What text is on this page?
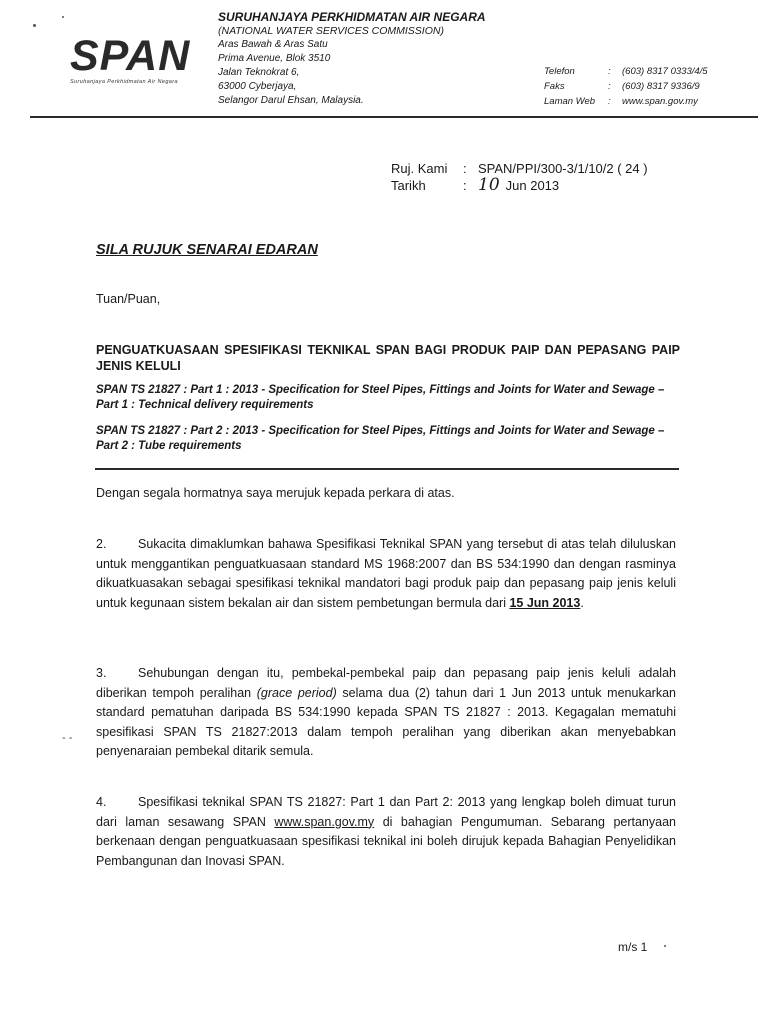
SPAN
Suruhanjaya Perkhidmatan Air Negara
SURUHANJAYA PERKHIDMATAN AIR NEGARA
(NATIONAL WATER SERVICES COMMISSION)
Aras Bawah & Aras Satu
Prima Avenue, Blok 3510
Jalan Teknokrat 6,
63000 Cyberjaya,
Selangor Darul Ehsan, Malaysia.
Telefon	:	(603) 8317 0333/4/5
Faks	:	(603) 8317 9336/9
Laman Web	:	www.span.gov.my
Ruj. Kami	: SPAN/PPI/300-3/1/10/2 ( 24 )
Tarikh	: 10 Jun 2013
SILA RUJUK SENARAI EDARAN
Tuan/Puan,
PENGUATKUASAAN SPESIFIKASI TEKNIKAL SPAN BAGI PRODUK PAIP DAN PEPASANG PAIP JENIS KELULI
SPAN TS 21827 : Part 1 : 2013 - Specification for Steel Pipes, Fittings and Joints for Water and Sewage – Part 1 : Technical delivery requirements
SPAN TS 21827 : Part 2 : 2013 - Specification for Steel Pipes, Fittings and Joints for Water and Sewage – Part 2 : Tube requirements
Dengan segala hormatnya saya merujuk kepada perkara di atas.
2.	Sukacita dimaklumkan bahawa Spesifikasi Teknikal SPAN yang tersebut di atas telah diluluskan untuk menggantikan penguatkuasaan standard MS 1968:2007 dan BS 534:1990 dan dengan rasminya dikuatkuasakan sebagai spesifikasi teknikal mandatori bagi produk paip dan pepasang paip jenis keluli untuk kegunaan sistem bekalan air dan sistem pembetungan bermula dari 15 Jun 2013.
3.	Sehubungan dengan itu, pembekal-pembekal paip dan pepasang paip jenis keluli adalah diberikan tempoh peralihan (grace period) selama dua (2) tahun dari 1 Jun 2013 untuk menukarkan standard pematuhan daripada BS 534:1990 kepada SPAN TS 21827 : 2013. Kegagalan mematuhi spesifikasi SPAN TS 21827:2013 dalam tempoh peralihan yang diberikan akan menyebabkan penyenaraian pembekal ditarik semula.
4.	Spesifikasi teknikal SPAN TS 21827: Part 1 dan Part 2: 2013 yang lengkap boleh dimuat turun dari laman sesawang SPAN www.span.gov.my di bahagian Pengumuman. Sebarang pertanyaan berkenaan dengan penguatkuasaan spesifikasi teknikal ini boleh dirujuk kepada Bahagian Penyelidikan Pembangunan dan Inovasi SPAN.
- -
m/s 1
